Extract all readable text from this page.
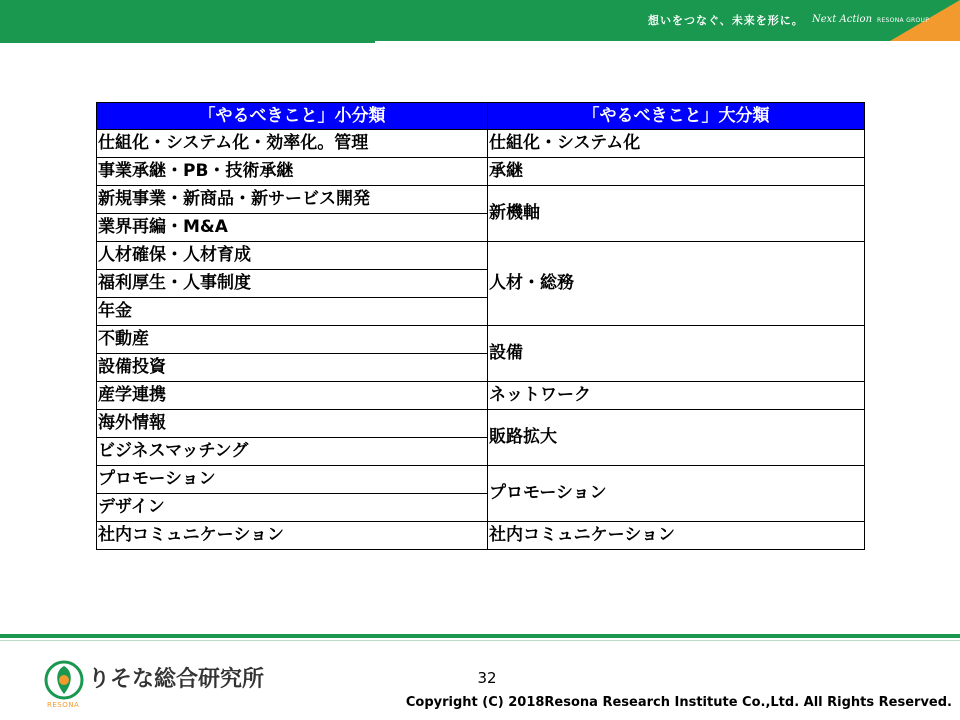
想いをつなぐ、未来を形に。 Next Action RESONA GROUP
「やるべきこと」小分類	「やるべきこと」大分類
仕組化・システム化・効率化。管理	仕組化・システム化
事業承継・PB・技術承継	承継
新規事業・新商品・新サービス開発	新機軸
業界再編・M&A	
人材確保・人材育成	人材・総務
福利厚生・人事制度	
年金	
不動産	設備
設備投資	
産学連携	ネットワーク
海外情報	販路拡大
ビジネスマッチング	
プロモーション	プロモーション
デザイン	
社内コミュニケーション	社内コミュニケーション
りそな総合研究所
RESONA
32
Copyright (C) 2018Resona Research Institute Co.,Ltd. All Rights Reserved.
